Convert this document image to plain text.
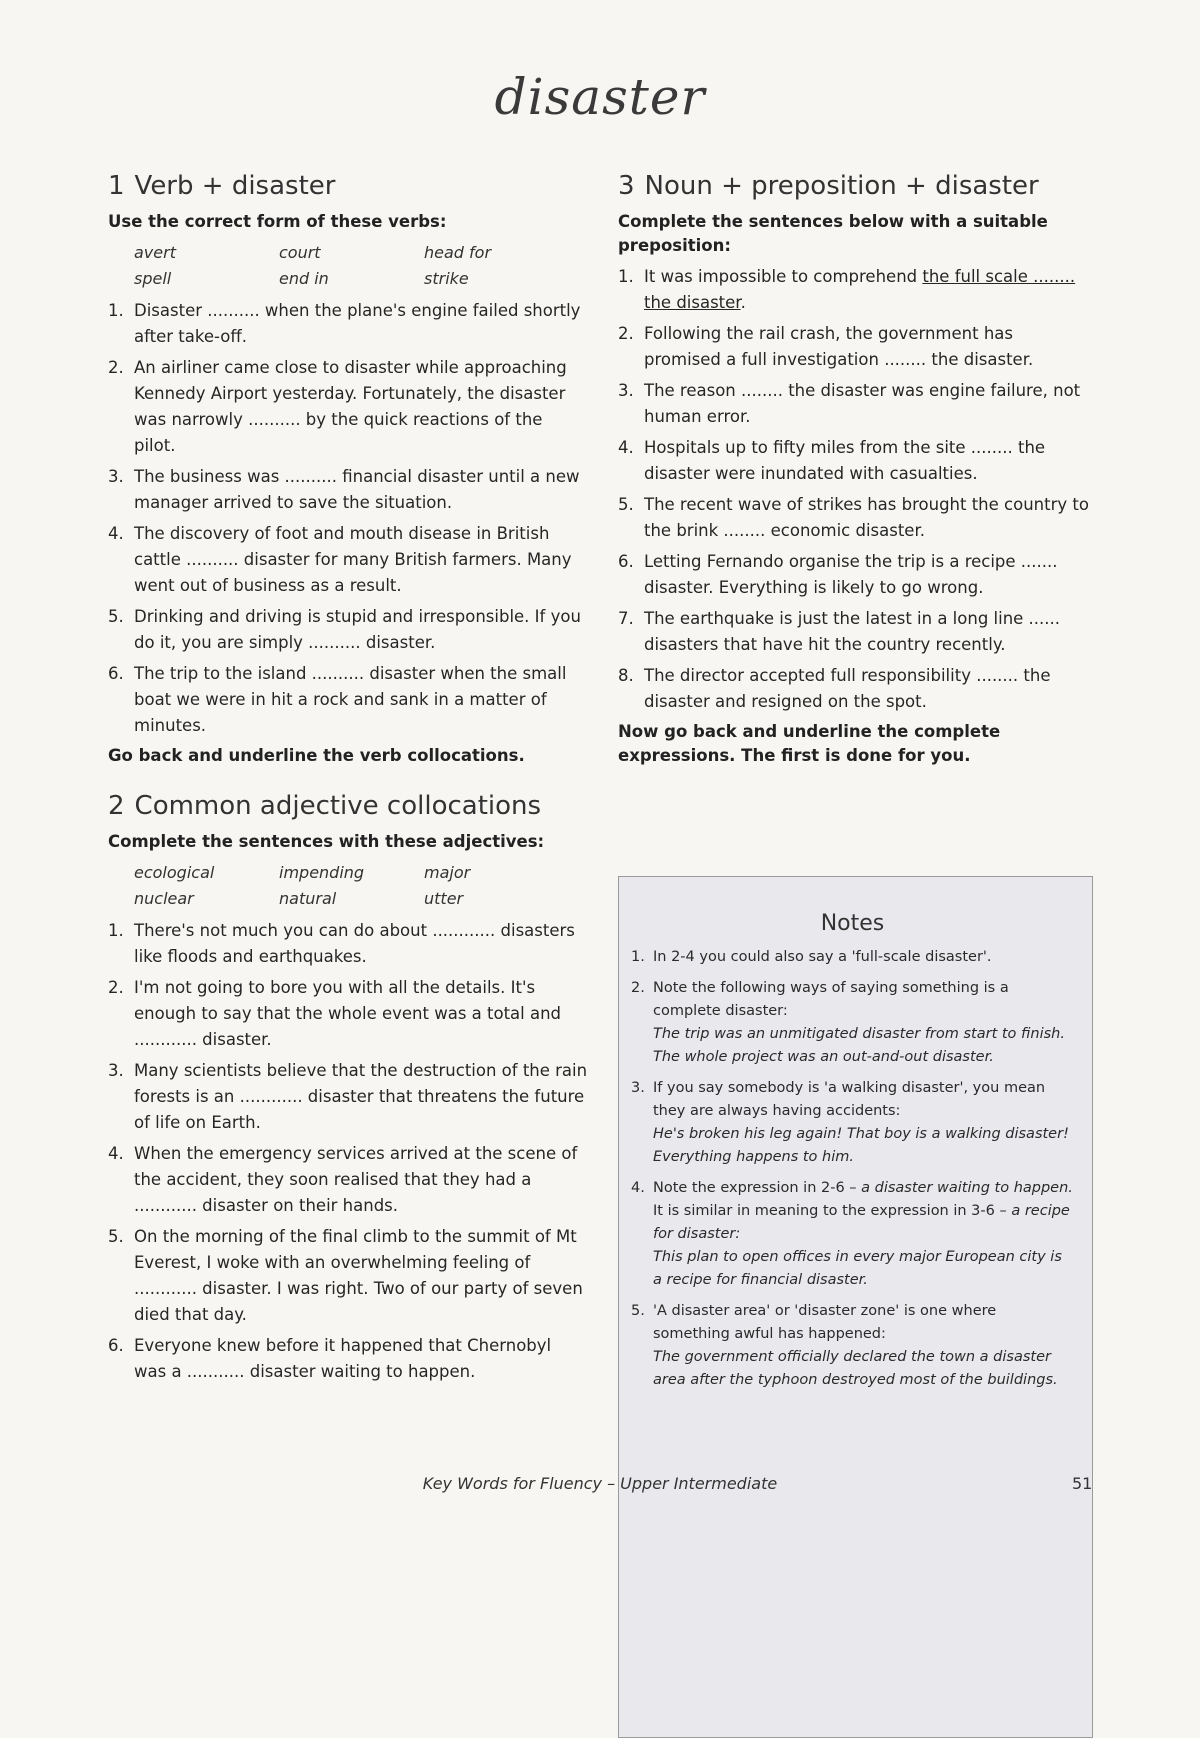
disaster
1 Verb + disaster
Use the correct form of these verbs:
avert	court	head for
spell	end in	strike
1. Disaster .......... when the plane's engine failed shortly after take-off.
2. An airliner came close to disaster while approaching Kennedy Airport yesterday. Fortunately, the disaster was narrowly .......... by the quick reactions of the pilot.
3. The business was .......... financial disaster until a new manager arrived to save the situation.
4. The discovery of foot and mouth disease in British cattle .......... disaster for many British farmers. Many went out of business as a result.
5. Drinking and driving is stupid and irresponsible. If you do it, you are simply .......... disaster.
6. The trip to the island .......... disaster when the small boat we were in hit a rock and sank in a matter of minutes.
Go back and underline the verb collocations.
2 Common adjective collocations
Complete the sentences with these adjectives:
ecological	impending	major
nuclear	natural	utter
1. There's not much you can do about ............ disasters like floods and earthquakes.
2. I'm not going to bore you with all the details. It's enough to say that the whole event was a total and ............ disaster.
3. Many scientists believe that the destruction of the rain forests is an ............ disaster that threatens the future of life on Earth.
4. When the emergency services arrived at the scene of the accident, they soon realised that they had a ............ disaster on their hands.
5. On the morning of the final climb to the summit of Mt Everest, I woke with an overwhelming feeling of ............ disaster. I was right. Two of our party of seven died that day.
6. Everyone knew before it happened that Chernobyl was a ........... disaster waiting to happen.
3 Noun + preposition + disaster
Complete the sentences below with a suitable preposition:
1. It was impossible to comprehend the full scale ........ the disaster.
2. Following the rail crash, the government has promised a full investigation ........ the disaster.
3. The reason ........ the disaster was engine failure, not human error.
4. Hospitals up to fifty miles from the site ........ the disaster were inundated with casualties.
5. The recent wave of strikes has brought the country to the brink ........ economic disaster.
6. Letting Fernando organise the trip is a recipe ....... disaster. Everything is likely to go wrong.
7. The earthquake is just the latest in a long line ...... disasters that have hit the country recently.
8. The director accepted full responsibility ........ the disaster and resigned on the spot.
Now go back and underline the complete expressions. The first is done for you.
Notes
1. In 2-4 you could also say a 'full-scale disaster'.
2. Note the following ways of saying something is a complete disaster:
The trip was an unmitigated disaster from start to finish.
The whole project was an out-and-out disaster.
3. If you say somebody is 'a walking disaster', you mean they are always having accidents:
He's broken his leg again! That boy is a walking disaster! Everything happens to him.
4. Note the expression in 2-6 – a disaster waiting to happen. It is similar in meaning to the expression in 3-6 – a recipe for disaster:
This plan to open offices in every major European city is a recipe for financial disaster.
5. 'A disaster area' or 'disaster zone' is one where something awful has happened:
The government officially declared the town a disaster area after the typhoon destroyed most of the buildings.
Key Words for Fluency – Upper Intermediate	51
